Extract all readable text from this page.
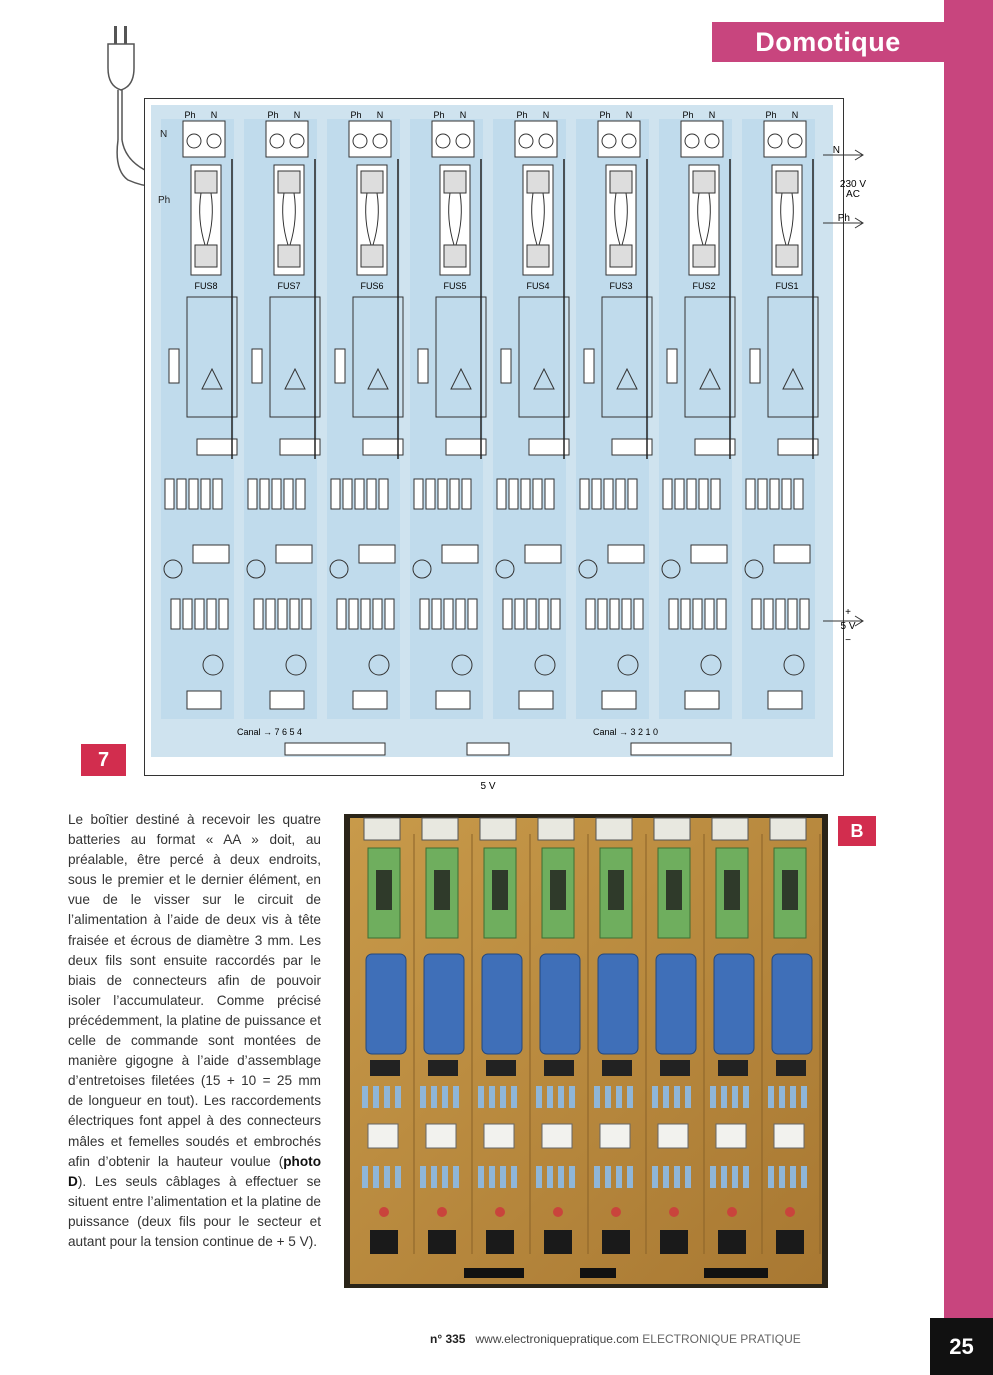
25
Domotique
Ph N
FUS8
Ph N
FUS7
Ph N
FUS6
Ph N
FUS5
Ph N
FUS4
Ph N
FUS3
Ph N
FUS2
Ph N
FUS1
N
230 V
AC
Ph
5 V
+
−
Canal → 7 6 5 4	Canal → 3 2 1 0
5 V
N
Ph
7
Le boîtier destiné à recevoir les quatre batteries au format « AA » doit, au préalable, être percé à deux endroits, sous le premier et le dernier élément, en vue de le visser sur le circuit de l’alimentation à l’aide de deux vis à tête fraisée et écrous de diamètre 3 mm. Les deux fils sont ensuite raccordés par le biais de connecteurs afin de pouvoir isoler l’accumulateur. Comme précisé précédemment, la platine de puissance et celle de commande sont montées de manière gigogne à l’aide d’assemblage d’entretoises filetées (15 + 10 = 25 mm de longueur en tout). Les raccordements électriques font appel à des connecteurs mâles et femelles soudés et embrochés afin d’obtenir la hauteur voulue (photo D). Les seuls câblages à effectuer se situent entre l’alimentation et la platine de puissance (deux fils pour le secteur et autant pour la tension continue de + 5 V).
B
n° 335 www.electroniquepratique.com ELECTRONIQUE PRATIQUE
